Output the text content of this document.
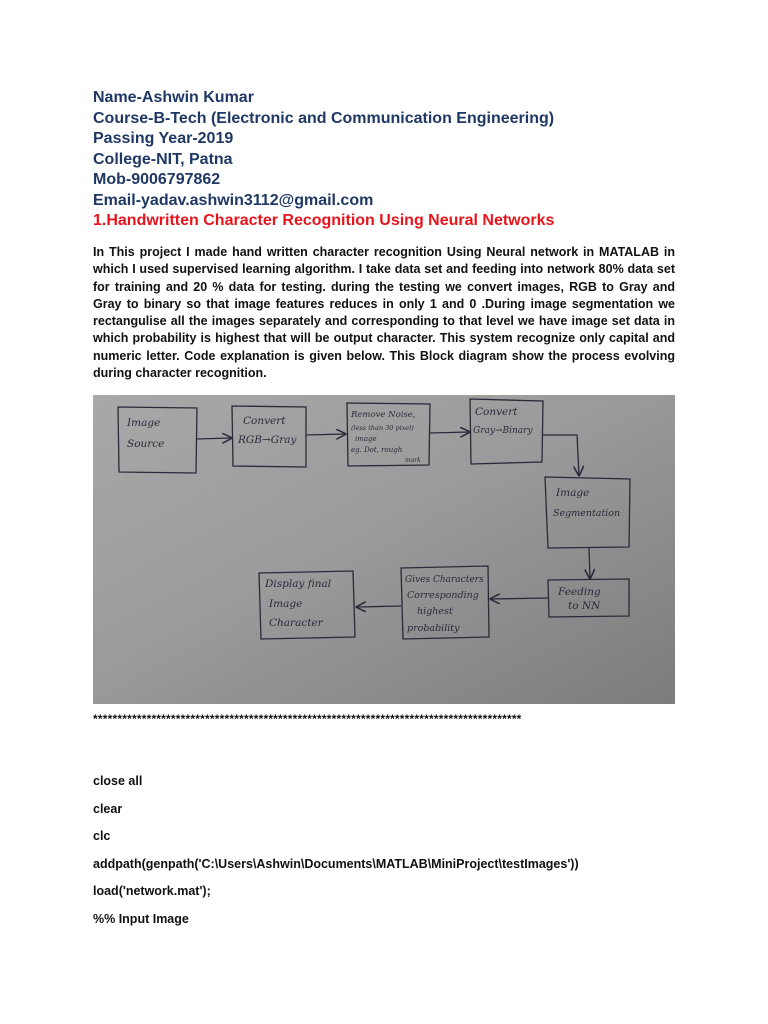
Name-Ashwin Kumar
Course-B-Tech (Electronic and Communication Engineering)
Passing Year-2019
College-NIT, Patna
Mob-9006797862
Email-yadav.ashwin3112@gmail.com
1.Handwritten Character Recognition Using Neural Networks
In This project I made hand written character recognition Using Neural network in MATALAB in which I used supervised learning algorithm. I take data set and feeding into network 80% data set for training and 20 % data for testing. during the testing we convert images, RGB to Gray and Gray to binary so that image features reduces in only 1 and 0 .During image segmentation we rectangulise all the images separately and corresponding to that level we have image set data in which probability is highest that will be output character. This system recognize only capital and numeric letter. Code explanation is given below. This Block diagram show the process evolving during character recognition.
Image
Source
Convert
RGB→Gray
Remove Noise,
(less than 30 pixel)
image
eg. Dot, rough
mark
Convert
Gray→Binary
Image
Segmentation
Feeding
to NN
Gives Characters
Corresponding
highest
probability
Display final
Image
Character
****************************************************************************************
close all
clear
clc
addpath(genpath('C:\Users\Ashwin\Documents\MATLAB\MiniProject\testImages'))
load('network.mat');
%% Input Image
